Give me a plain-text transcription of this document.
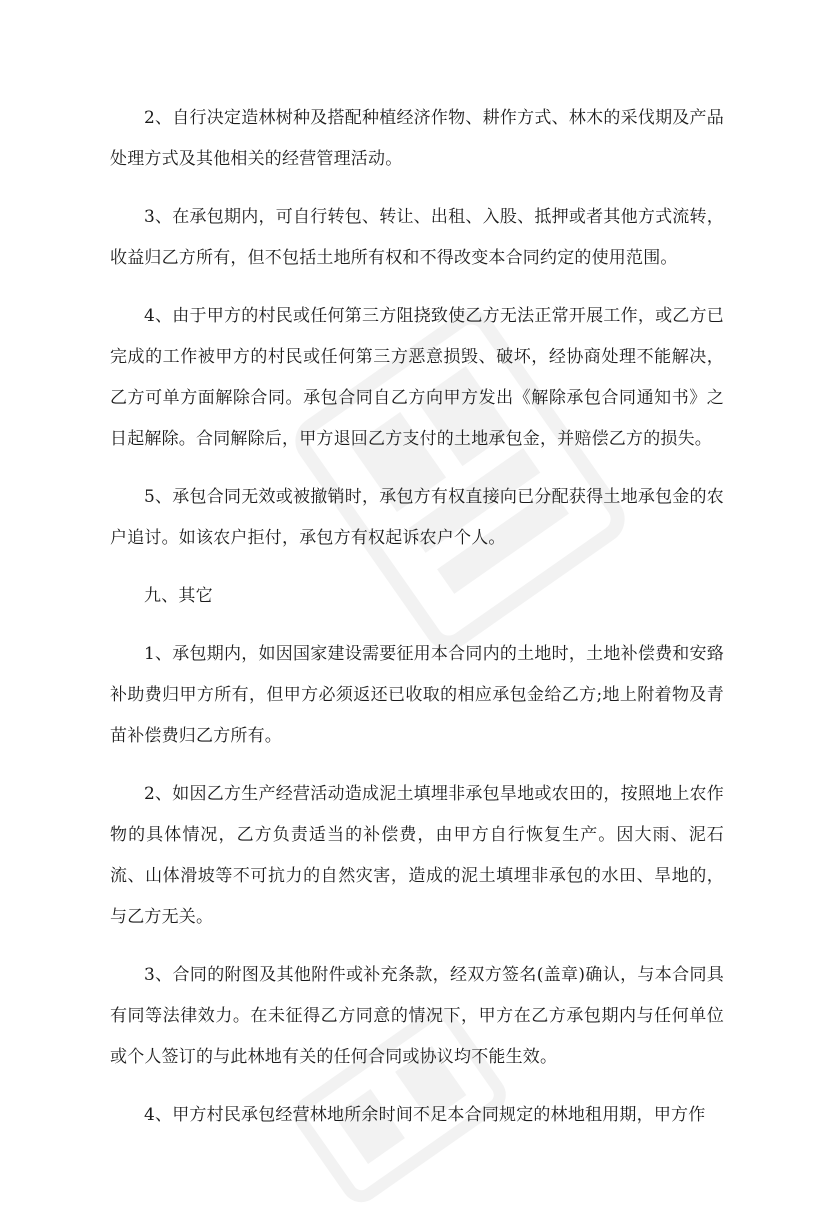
2、自行决定造林树种及搭配种植经济作物、耕作方式、林木的采伐期及产品处理方式及其他相关的经营管理活动。

3、在承包期内，可自行转包、转让、出租、入股、抵押或者其他方式流转，收益归乙方所有，但不包括土地所有权和不得改变本合同约定的使用范围。

4、由于甲方的村民或任何第三方阻挠致使乙方无法正常开展工作，或乙方已完成的工作被甲方的村民或任何第三方恶意损毁、破坏，经协商处理不能解决，乙方可单方面解除合同。承包合同自乙方向甲方发出《解除承包合同通知书》之日起解除。合同解除后，甲方退回乙方支付的土地承包金，并赔偿乙方的损失。

5、承包合同无效或被撤销时，承包方有权直接向已分配获得土地承包金的农户追讨。如该农户拒付，承包方有权起诉农户个人。

九、其它

1、承包期内，如因国家建设需要征用本合同内的土地时，土地补偿费和安臵补助费归甲方所有，但甲方必须返还已收取的相应承包金给乙方;地上附着物及青苗补偿费归乙方所有。

2、如因乙方生产经营活动造成泥土填埋非承包旱地或农田的，按照地上农作物的具体情况，乙方负责适当的补偿费，由甲方自行恢复生产。因大雨、泥石流、山体滑坡等不可抗力的自然灾害，造成的泥土填埋非承包的水田、旱地的，与乙方无关。

3、合同的附图及其他附件或补充条款，经双方签名(盖章)确认，与本合同具有同等法律效力。在未征得乙方同意的情况下，甲方在乙方承包期内与任何单位或个人签订的与此林地有关的任何合同或协议均不能生效。

4、甲方村民承包经营林地所余时间不足本合同规定的林地租用期，甲方作
